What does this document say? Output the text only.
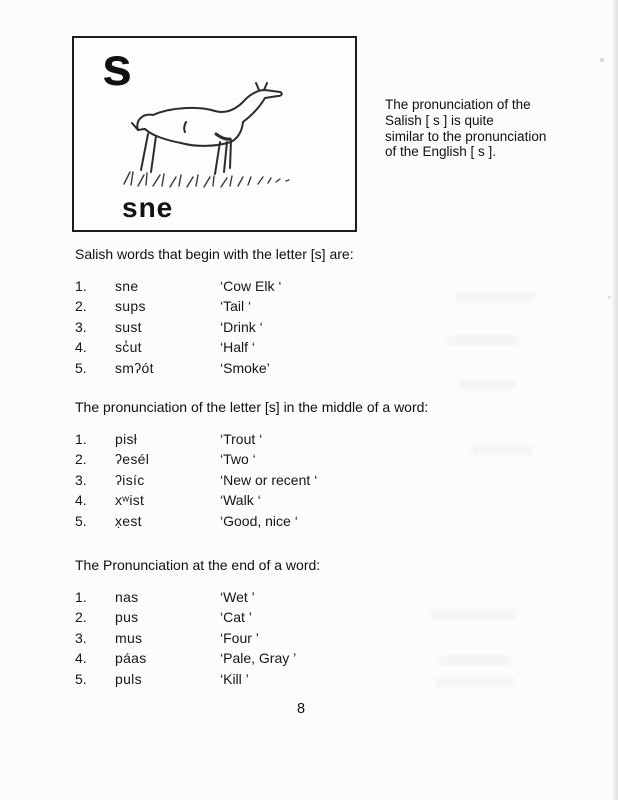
s
sne
The pronunciation of the
Salish [ s ] is quite
similar to the pronunciation
of the English [ s ].

Salish words that begin with the letter [s] are:

1.	sne	‘Cow Elk ‘
2.	sups	‘Tail ‘
3.	sust	‘Drink ‘
4.	sc̓ut	‘Half ‘
5.	smʔót	‘Smoke’

The pronunciation of the letter [s] in the middle of a word:

1.	pisƚ	‘Trout ‘
2.	ʔesél	‘Two ‘
3.	ʔisíc	‘New or recent ‘
4.	xʷist	‘Walk ‘
5.	x̣est	‘Good, nice ‘

The Pronunciation at the end of a word:

1.	nas	‘Wet ’
2.	pus	‘Cat ’
3.	mus	‘Four ’
4.	páas	‘Pale, Gray ’
5.	puls	‘Kill ’
8
